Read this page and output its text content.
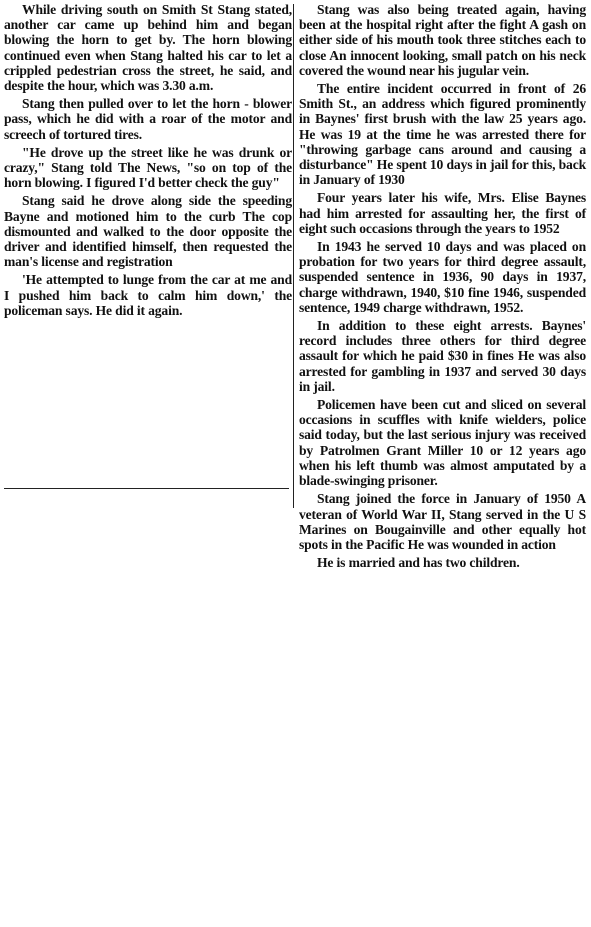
While driving south on Smith St Stang stated, another car came up behind him and began blowing the horn to get by. The horn blowing continued even when Stang halted his car to let a crippled pedestrian cross the street, he said, and despite the hour, which was 3.30 a.m.

Stang then pulled over to let the horn - blower pass, which he did with a roar of the motor and screech of tortured tires.

"He drove up the street like he was drunk or crazy," Stang told The News, "so on top of the horn blowing. I figured I'd better check the guy"

Stang said he drove along side the speeding Bayne and motioned him to the curb The cop dismounted and walked to the door opposite the driver and identified himself, then requested the man's license and registration

'He attempted to lunge from the car at me and I pushed him back to calm him down,' the policeman says. He did it again.

Stang was also being treated again, having been at the hospital right after the fight A gash on either side of his mouth took three stitches each to close An innocent looking, small patch on his neck covered the wound near his jugular vein.

The entire incident occurred in front of 26 Smith St., an address which figured prominently in Baynes' first brush with the law 25 years ago. He was 19 at the time he was arrested there for "throwing garbage cans around and causing a disturbance" He spent 10 days in jail for this, back in January of 1930

Four years later his wife, Mrs. Elise Baynes had him arrested for assaulting her, the first of eight such occasions through the years to 1952

In 1943 he served 10 days and was placed on probation for two years for third degree assault, suspended sentence in 1936, 90 days in 1937, charge withdrawn, 1940, $10 fine 1946, suspended sentence, 1949 charge withdrawn, 1952.

In addition to these eight arrests. Baynes' record includes three others for third degree assault for which he paid $30 in fines He was also arrested for gambling in 1937 and served 30 days in jail.

Policemen have been cut and sliced on several occasions in scuffles with knife wielders, police said today, but the last serious injury was received by Patrolmen Grant Miller 10 or 12 years ago when his left thumb was almost amputated by a blade-swinging prisoner.

Stang joined the force in January of 1950 A veteran of World War II, Stang served in the U S Marines on Bougainville and other equally hot spots in the Pacific He was wounded in action

He is married and has two children.
